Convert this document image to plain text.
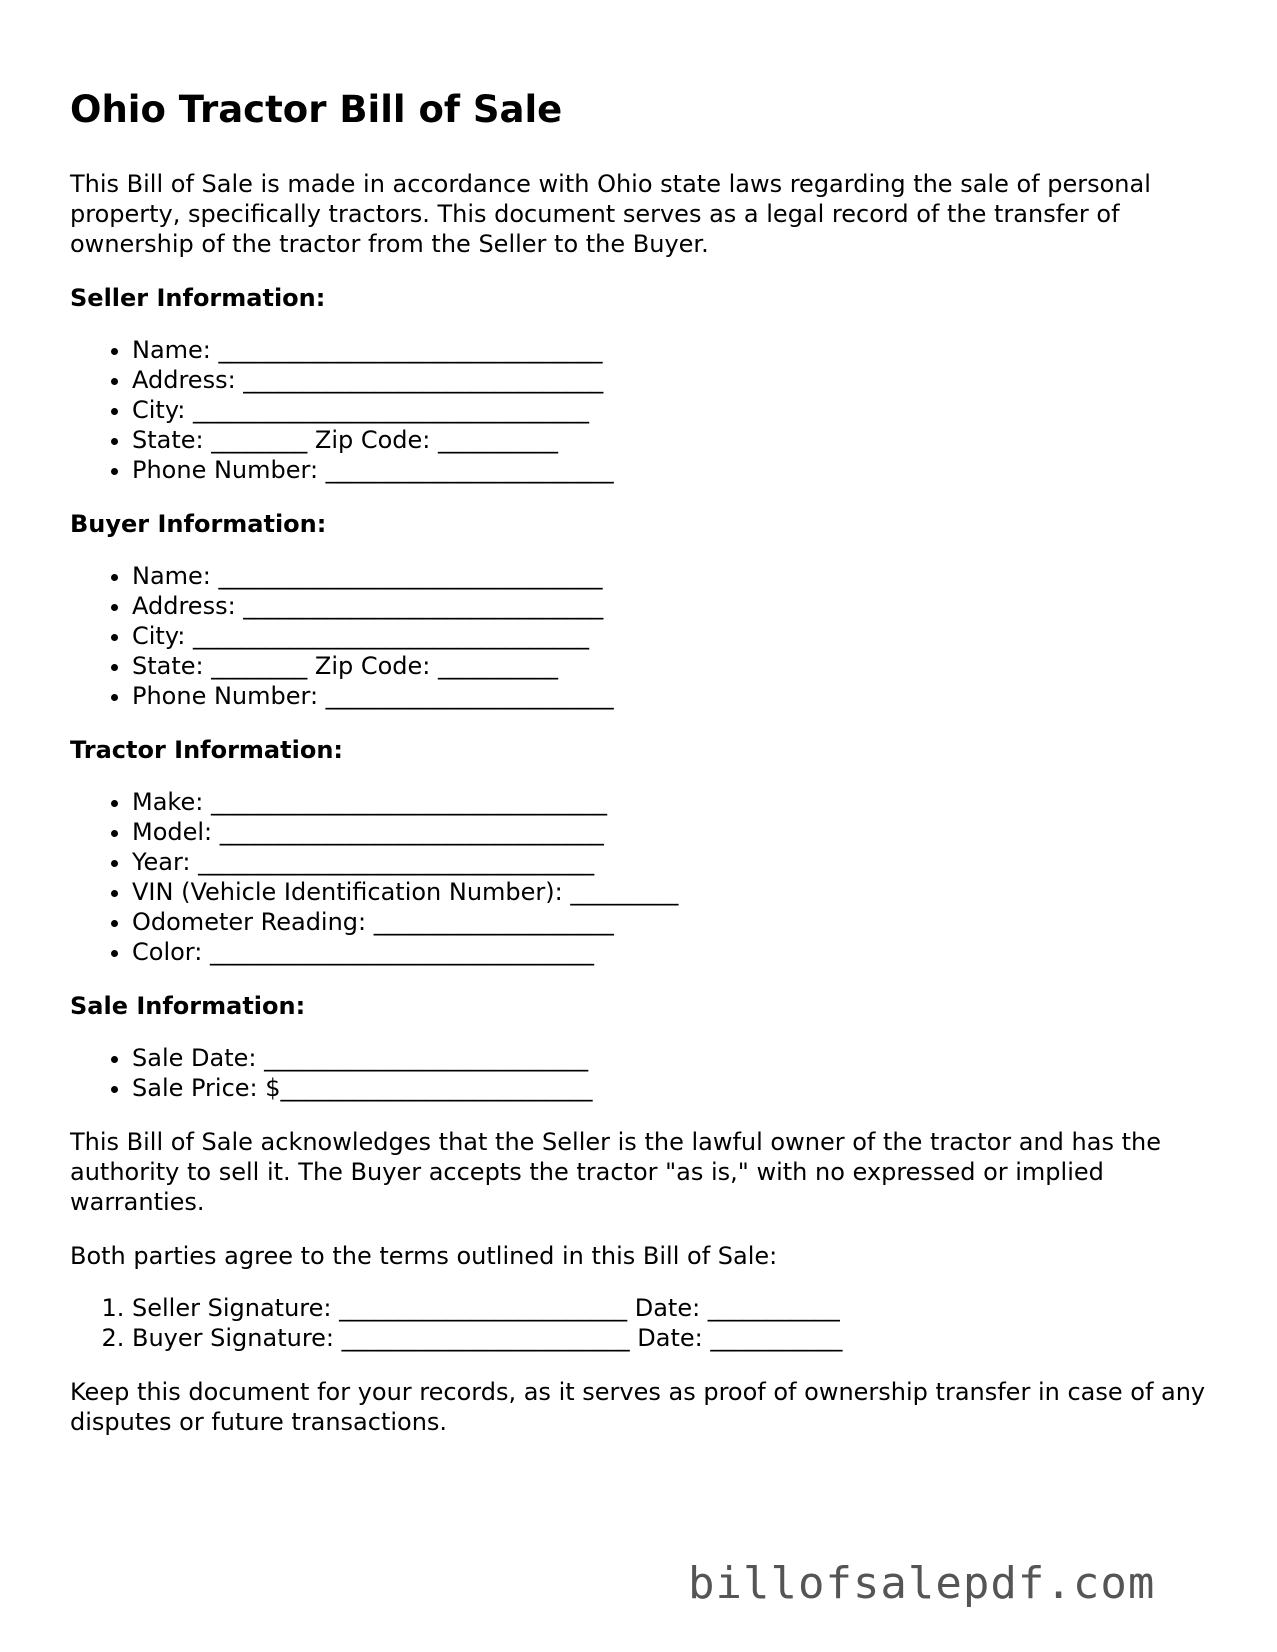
Ohio Tractor Bill of Sale

This Bill of Sale is made in accordance with Ohio state laws regarding the sale of personal property, specifically tractors. This document serves as a legal record of the transfer of ownership of the tractor from the Seller to the Buyer.

Seller Information:
• Name: ________________________________
• Address: ______________________________
• City: _________________________________
• State: ________ Zip Code: __________
• Phone Number: ________________________
Buyer Information:
• Name: ________________________________
• Address: ______________________________
• City: _________________________________
• State: ________ Zip Code: __________
• Phone Number: ________________________
Tractor Information:
• Make: _________________________________
• Model: ________________________________
• Year: _________________________________
• VIN (Vehicle Identification Number): _________
• Odometer Reading: ____________________
• Color: ________________________________
Sale Information:
• Sale Date: ___________________________
• Sale Price: $__________________________

This Bill of Sale acknowledges that the Seller is the lawful owner of the tractor and has the authority to sell it. The Buyer accepts the tractor "as is," with no expressed or implied warranties.

Both parties agree to the terms outlined in this Bill of Sale:

1. Seller Signature: ________________________ Date: ___________
2. Buyer Signature: ________________________ Date: ___________

Keep this document for your records, as it serves as proof of ownership transfer in case of any disputes or future transactions.

billofsalepdf.com
